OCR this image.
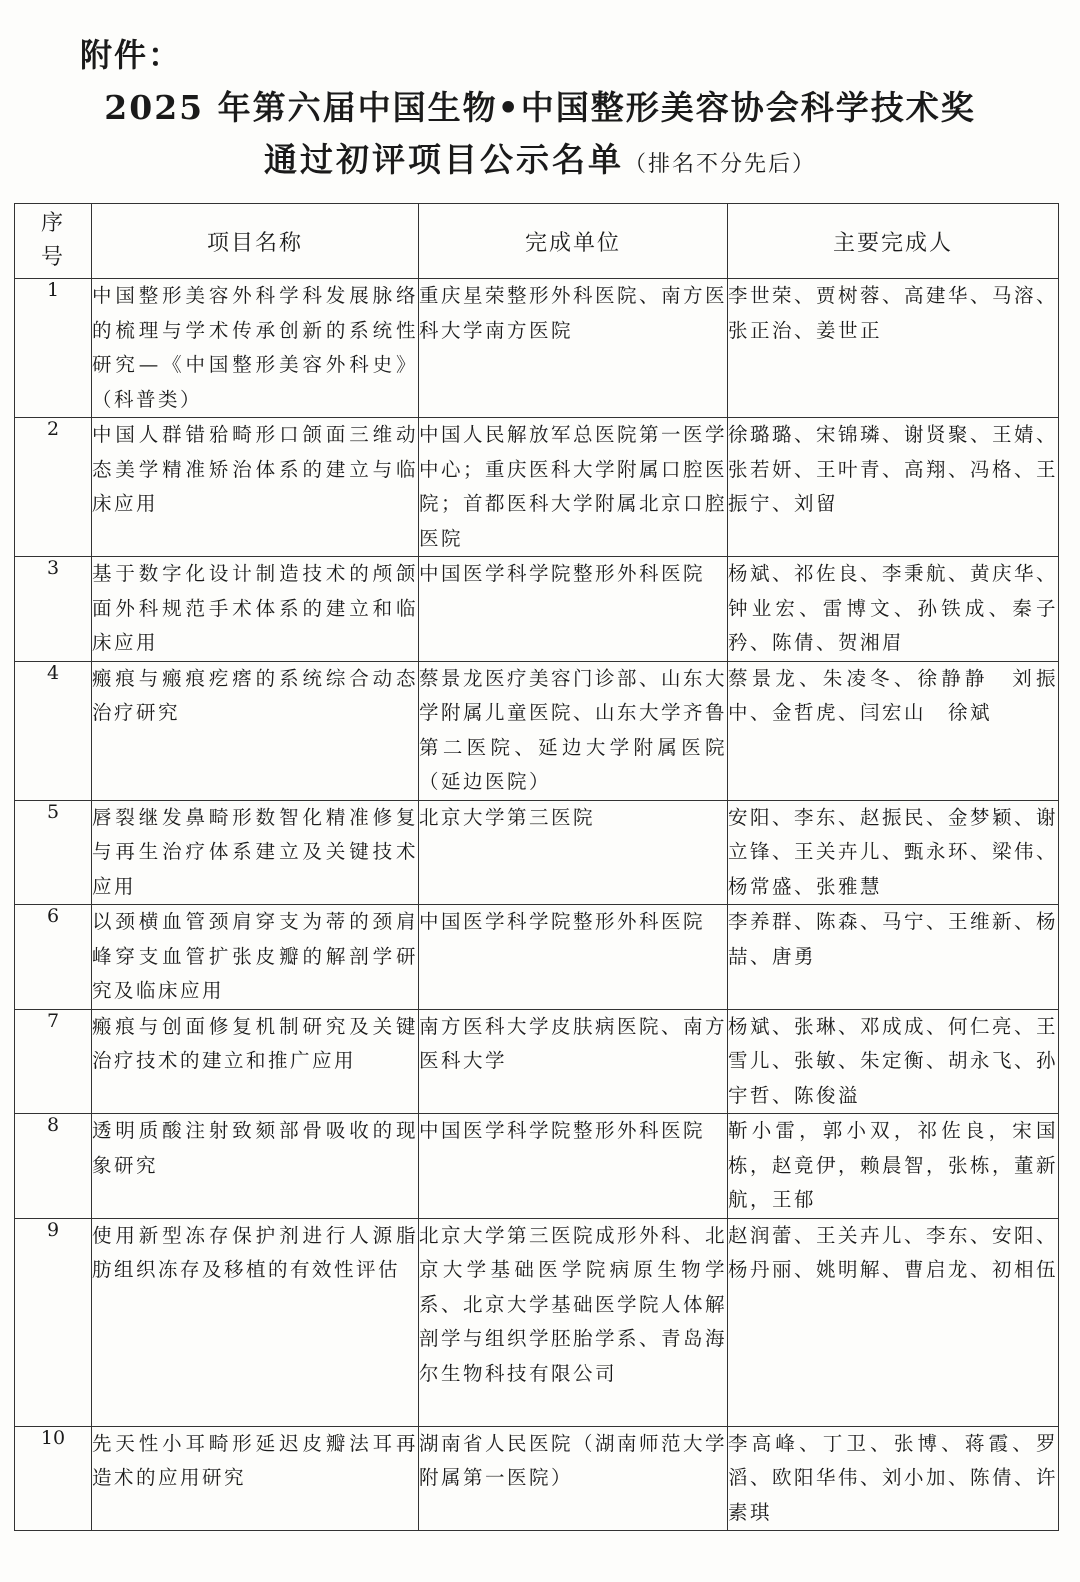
附件：
2025 年第六届中国生物•中国整形美容协会科学技术奖
通过初评项目公示名单（排名不分先后）
序
号	项目名称	完成单位	主要完成人
1	中国整形美容外科学科发展脉络的梳理与学术传承创新的系统性研究—《中国整形美容外科史》（科普类）	重庆星荣整形外科医院、南方医科大学南方医院	李世荣、贾树蓉、高建华、马溶、张正治、姜世正
2	中国人群错𬌗畸形口颌面三维动态美学精准矫治体系的建立与临床应用	中国人民解放军总医院第一医学中心；重庆医科大学附属口腔医院；首都医科大学附属北京口腔医院	徐璐璐、宋锦璘、谢贤聚、王婧、张若妍、王叶青、高翔、冯格、王振宁、刘留
3	基于数字化设计制造技术的颅颌面外科规范手术体系的建立和临床应用	中国医学科学院整形外科医院	杨斌、祁佐良、李秉航、黄庆华、钟业宏、雷博文、孙铁成、秦子矜、陈倩、贺湘眉
4	瘢痕与瘢痕疙瘩的系统综合动态治疗研究	蔡景龙医疗美容门诊部、山东大学附属儿童医院、山东大学齐鲁第二医院、延边大学附属医院（延边医院）	蔡景龙、朱凌冬、徐静静　刘振中、金哲虎、闫宏山　徐斌
5	唇裂继发鼻畸形数智化精准修复与再生治疗体系建立及关键技术应用	北京大学第三医院	安阳、李东、赵振民、金梦颖、谢立锋、王关卉儿、甄永环、梁伟、杨常盛、张雅慧
6	以颈横血管颈肩穿支为蒂的颈肩峰穿支血管扩张皮瓣的解剖学研究及临床应用	中国医学科学院整形外科医院	李养群、陈森、马宁、王维新、杨喆、唐勇
7	瘢痕与创面修复机制研究及关键治疗技术的建立和推广应用	南方医科大学皮肤病医院、南方医科大学	杨斌、张琳、邓成成、何仁亮、王雪儿、张敏、朱定衡、胡永飞、孙宇哲、陈俊溢
8	透明质酸注射致颏部骨吸收的现象研究	中国医学科学院整形外科医院	靳小雷，郭小双，祁佐良，宋国栋，赵竟伊，赖晨智，张栋，董新航，王郁
9	使用新型冻存保护剂进行人源脂肪组织冻存及移植的有效性评估	北京大学第三医院成形外科、北京大学基础医学院病原生物学系、北京大学基础医学院人体解剖学与组织学胚胎学系、青岛海尔生物科技有限公司	赵润蕾、王关卉儿、李东、安阳、杨丹丽、姚明解、曹启龙、初相伍
10	先天性小耳畸形延迟皮瓣法耳再造术的应用研究	湖南省人民医院（湖南师范大学附属第一医院）	李高峰、丁卫、张博、蒋霞、罗滔、欧阳华伟、刘小加、陈倩、许素琪
